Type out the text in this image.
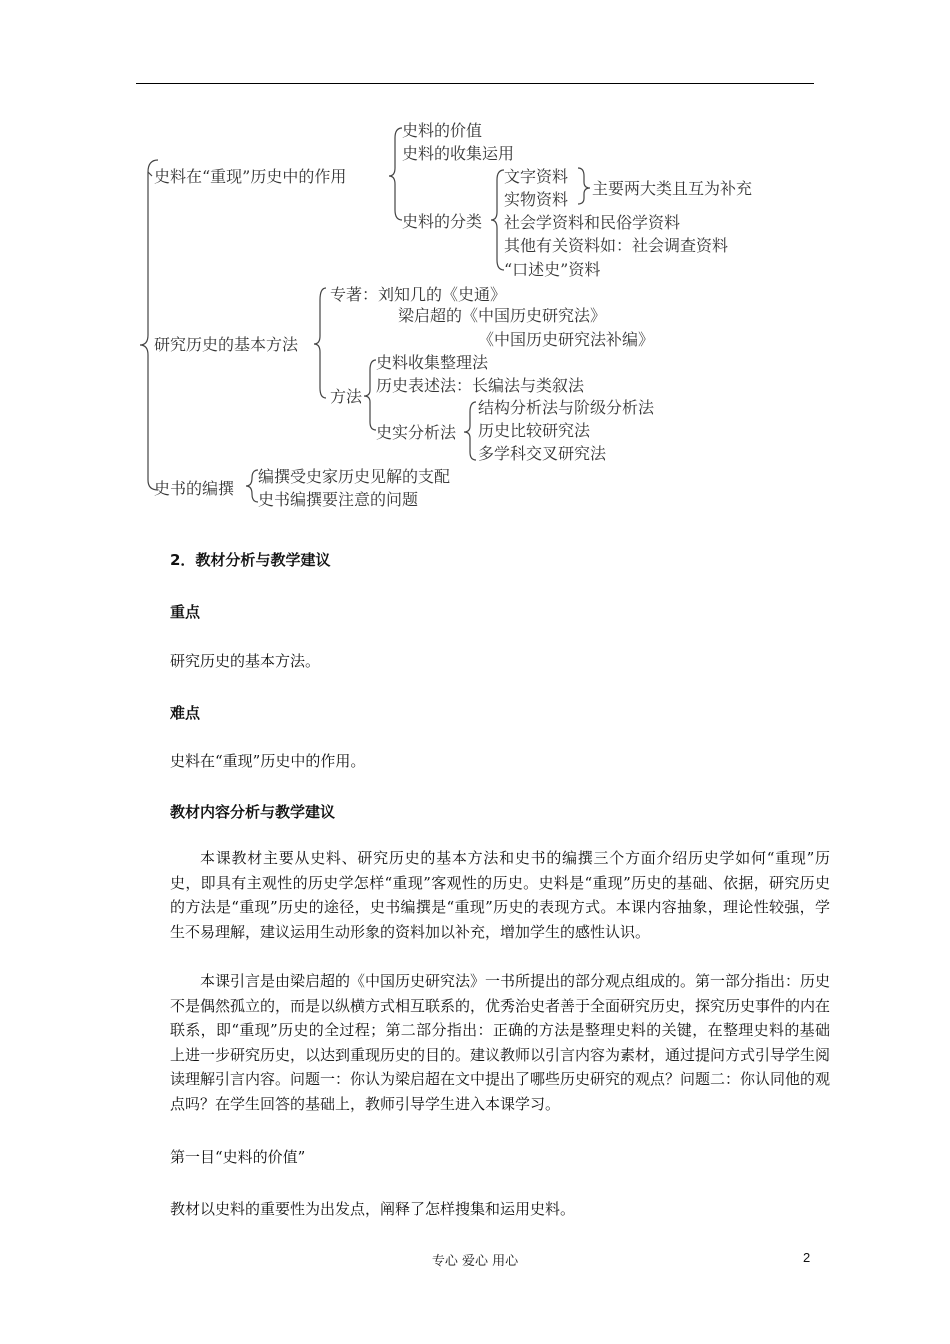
史料在“重现”历史中的作用
史料的价值
史料的收集运用
史料的分类
文字资料
实物资料
主要两大类且互为补充
社会学资料和民俗学资料
其他有关资料如：社会调查资料
“口述史”资料
研究历史的基本方法
专著：刘知几的《史通》
梁启超的《中国历史研究法》
《中国历史研究法补编》
方法
史料收集整理法
历史表述法：长编法与类叙法
史实分析法
结构分析法与阶级分析法
历史比较研究法
多学科交叉研究法
史书的编撰
编撰受史家历史见解的支配
史书编撰要注意的问题
2．教材分析与教学建议
重点
研究历史的基本方法。
难点
史料在“重现”历史中的作用。
教材内容分析与教学建议
本课教材主要从史料、研究历史的基本方法和史书的编撰三个方面介绍历史学如何“重现”历史，即具有主观性的历史学怎样“重现”客观性的历史。史料是“重现”历史的基础、依据，研究历史的方法是“重现”历史的途径，史书编撰是“重现”历史的表现方式。本课内容抽象，理论性较强，学生不易理解，建议运用生动形象的资料加以补充，增加学生的感性认识。
本课引言是由梁启超的《中国历史研究法》一书所提出的部分观点组成的。第一部分指出：历史不是偶然孤立的，而是以纵横方式相互联系的，优秀治史者善于全面研究历史，探究历史事件的内在联系，即“重现”历史的全过程；第二部分指出：正确的方法是整理史料的关键，在整理史料的基础上进一步研究历史，以达到重现历史的目的。建议教师以引言内容为素材，通过提问方式引导学生阅读理解引言内容。问题一：你认为梁启超在文中提出了哪些历史研究的观点？问题二：你认同他的观点吗？在学生回答的基础上，教师引导学生进入本课学习。
第一目“史料的价值”
教材以史料的重要性为出发点，阐释了怎样搜集和运用史料。
专心 爱心 用心	2
